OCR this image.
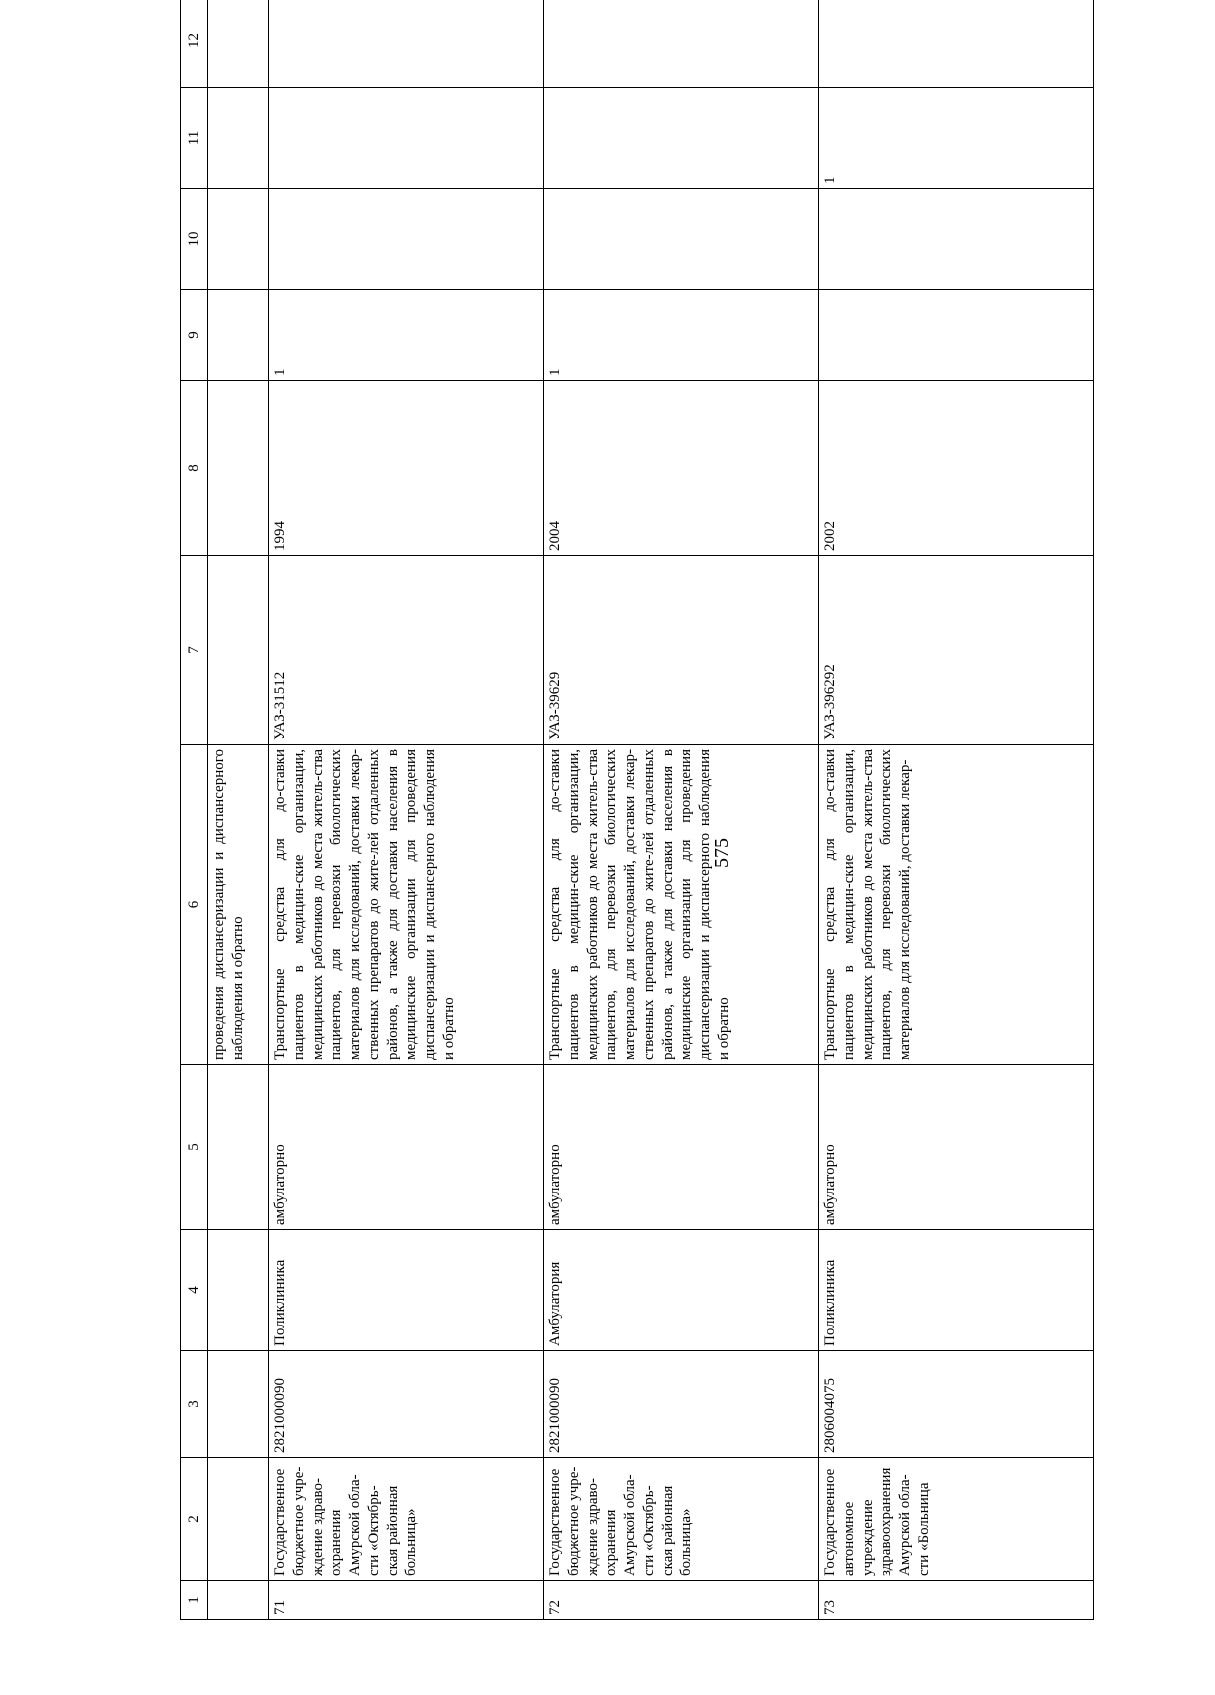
575
1	2	3	4	5	6	7	8	9	10	11	12	
					проведения диспансеризации и диспансерного наблюдения и обратно							
71	Государственное бюджетное учре-ждение здраво-охранения Амурской обла-сти «Октябрь-ская районная больница»	2821000090	Поликлиника	амбулаторно	Транспортные средства для до-ставки пациентов в медицин-ские организации, медицинских работников до места житель-ства пациентов, для перевозки биологических материалов для исследований, доставки лекар-ственных препаратов до жите-лей отдаленных районов, а также для доставки населения в медицинские организации для проведения диспансеризации и диспансерного наблюдения и обратно	УАЗ-31512	1994	1				
72	Государственное бюджетное учре-ждение здраво-охранения Амурской обла-сти «Октябрь-ская районная больница»	2821000090	Амбулатория	амбулаторно	Транспортные средства для до-ставки пациентов в медицин-ские организации, медицинских работников до места житель-ства пациентов, для перевозки биологических материалов для исследований, доставки лекар-ственных препаратов до жите-лей отдаленных районов, а также для доставки населения в медицинские организации для проведения диспансеризации и диспансерного наблюдения и обратно	УАЗ-39629	2004	1				
73	Государственное автономное учреждение здравоохранения Амурской обла-сти «Больница	2806004075	Поликлиника	амбулаторно	Транспортные средства для до-ставки пациентов в медицин-ские организации, медицинских работников до места житель-ства пациентов, для перевозки биологических материалов для исследований, доставки лекар-	УАЗ-396292	2002			1		
